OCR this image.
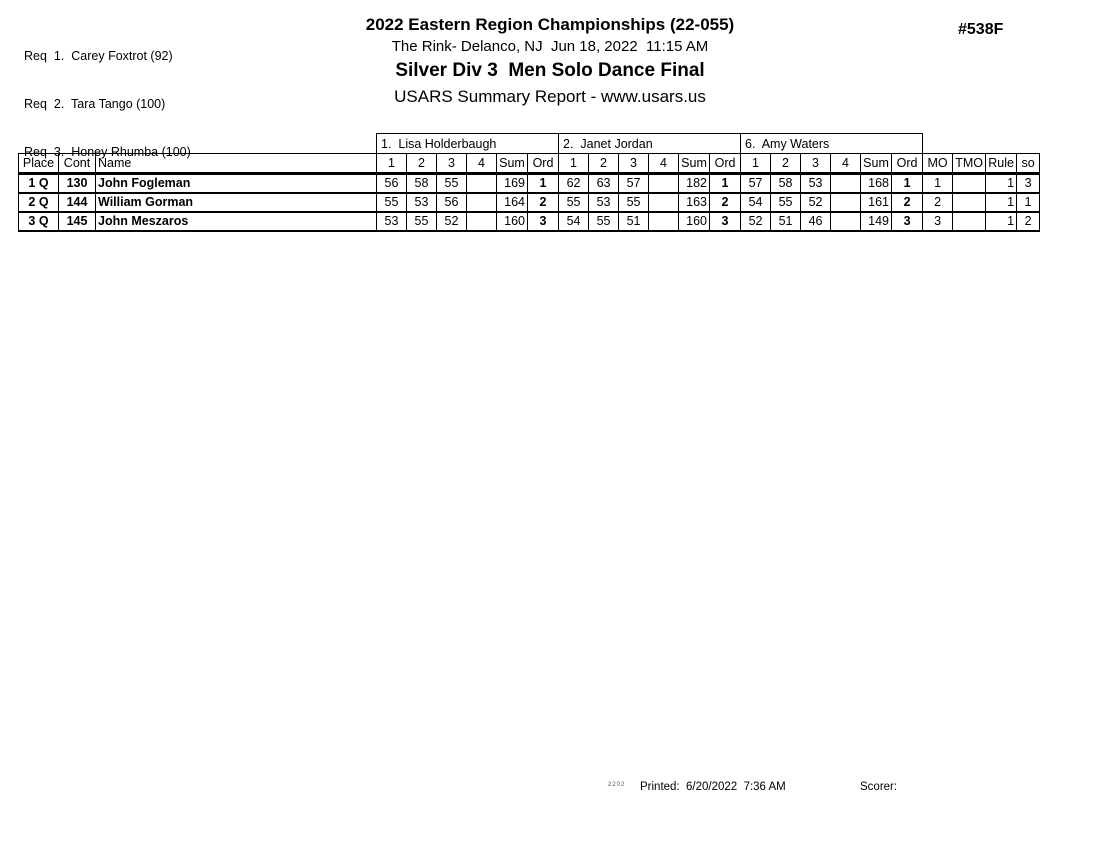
Req  1.  Carey Foxtrot (92)

Req  2.  Tara Tango (100)

Req  3.  Honey Rhumba (100)

2022 Eastern Region Championships (22-055)
The Rink- Delanco, NJ  Jun 18, 2022  11:15 AM
Silver Div 3  Men Solo Dance Final
USARS Summary Report - www.usars.us
#538F
			1.  Lisa Holderbaugh						2.  Janet Jordan						6.  Amy Waters									
Place	Cont	Name	1	2	3	4	Sum	Ord	1	2	3	4	Sum	Ord	1	2	3	4	Sum	Ord	MO	TMO	Rule	so
1 Q	130	John Fogleman	56	58	55		169	1	62	63	57		182	1	57	58	53		168	1	1		1	3
2 Q	144	William Gorman	55	53	56		164	2	55	53	55		163	2	54	55	52		161	2	2		1	1
3 Q	145	John Meszaros	53	55	52		160	3	54	55	51		160	3	52	51	46		149	3	3		1	2
2202 Printed:  6/20/2022  7:36 AM	Scorer:
